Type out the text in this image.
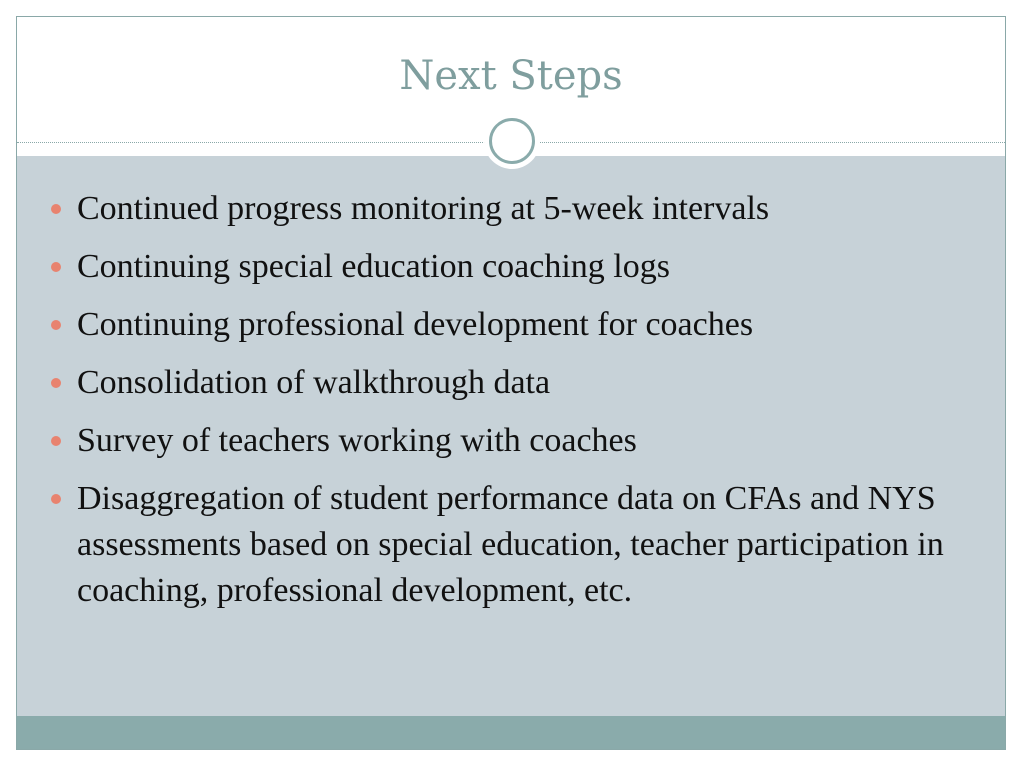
Next Steps
Continued progress monitoring at 5-week intervals
Continuing special education coaching logs
Continuing professional development for coaches
Consolidation of walkthrough data
Survey of teachers working with coaches
Disaggregation of student performance data on CFAs and NYS assessments based on special education, teacher participation in coaching, professional development, etc.
